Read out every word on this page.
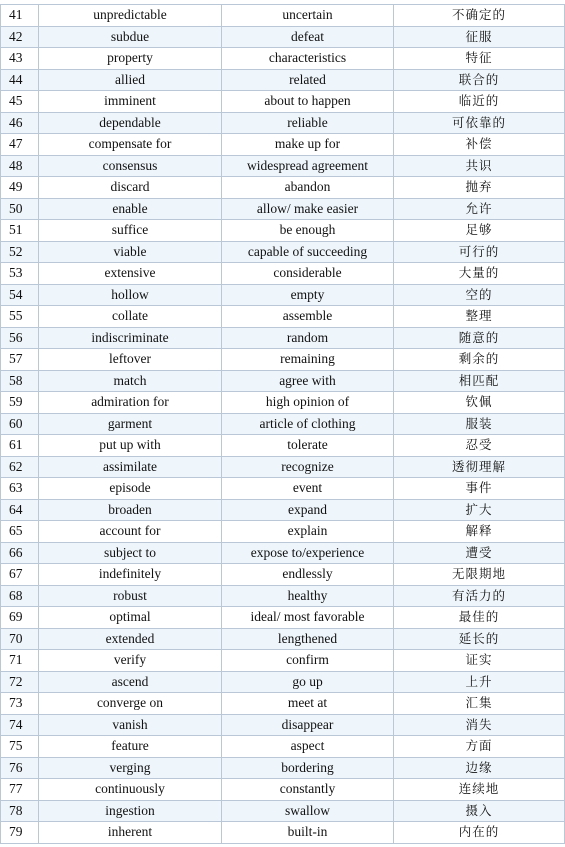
41	unpredictable	uncertain	不确定的
42	subdue	defeat	征服
43	property	characteristics	特征
44	allied	related	联合的
45	imminent	about to happen	临近的
46	dependable	reliable	可依靠的
47	compensate for	make up for	补偿
48	consensus	widespread agreement	共识
49	discard	abandon	抛弃
50	enable	allow/ make easier	允许
51	suffice	be enough	足够
52	viable	capable of succeeding	可行的
53	extensive	considerable	大量的
54	hollow	empty	空的
55	collate	assemble	整理
56	indiscriminate	random	随意的
57	leftover	remaining	剩余的
58	match	agree with	相匹配
59	admiration for	high opinion of	钦佩
60	garment	article of clothing	服装
61	put up with	tolerate	忍受
62	assimilate	recognize	透彻理解
63	episode	event	事件
64	broaden	expand	扩大
65	account for	explain	解释
66	subject to	expose to/experience	遭受
67	indefinitely	endlessly	无限期地
68	robust	healthy	有活力的
69	optimal	ideal/ most favorable	最佳的
70	extended	lengthened	延长的
71	verify	confirm	证实
72	ascend	go up	上升
73	converge on	meet at	汇集
74	vanish	disappear	消失
75	feature	aspect	方面
76	verging	bordering	边缘
77	continuously	constantly	连续地
78	ingestion	swallow	摄入
79	inherent	built-in	内在的
